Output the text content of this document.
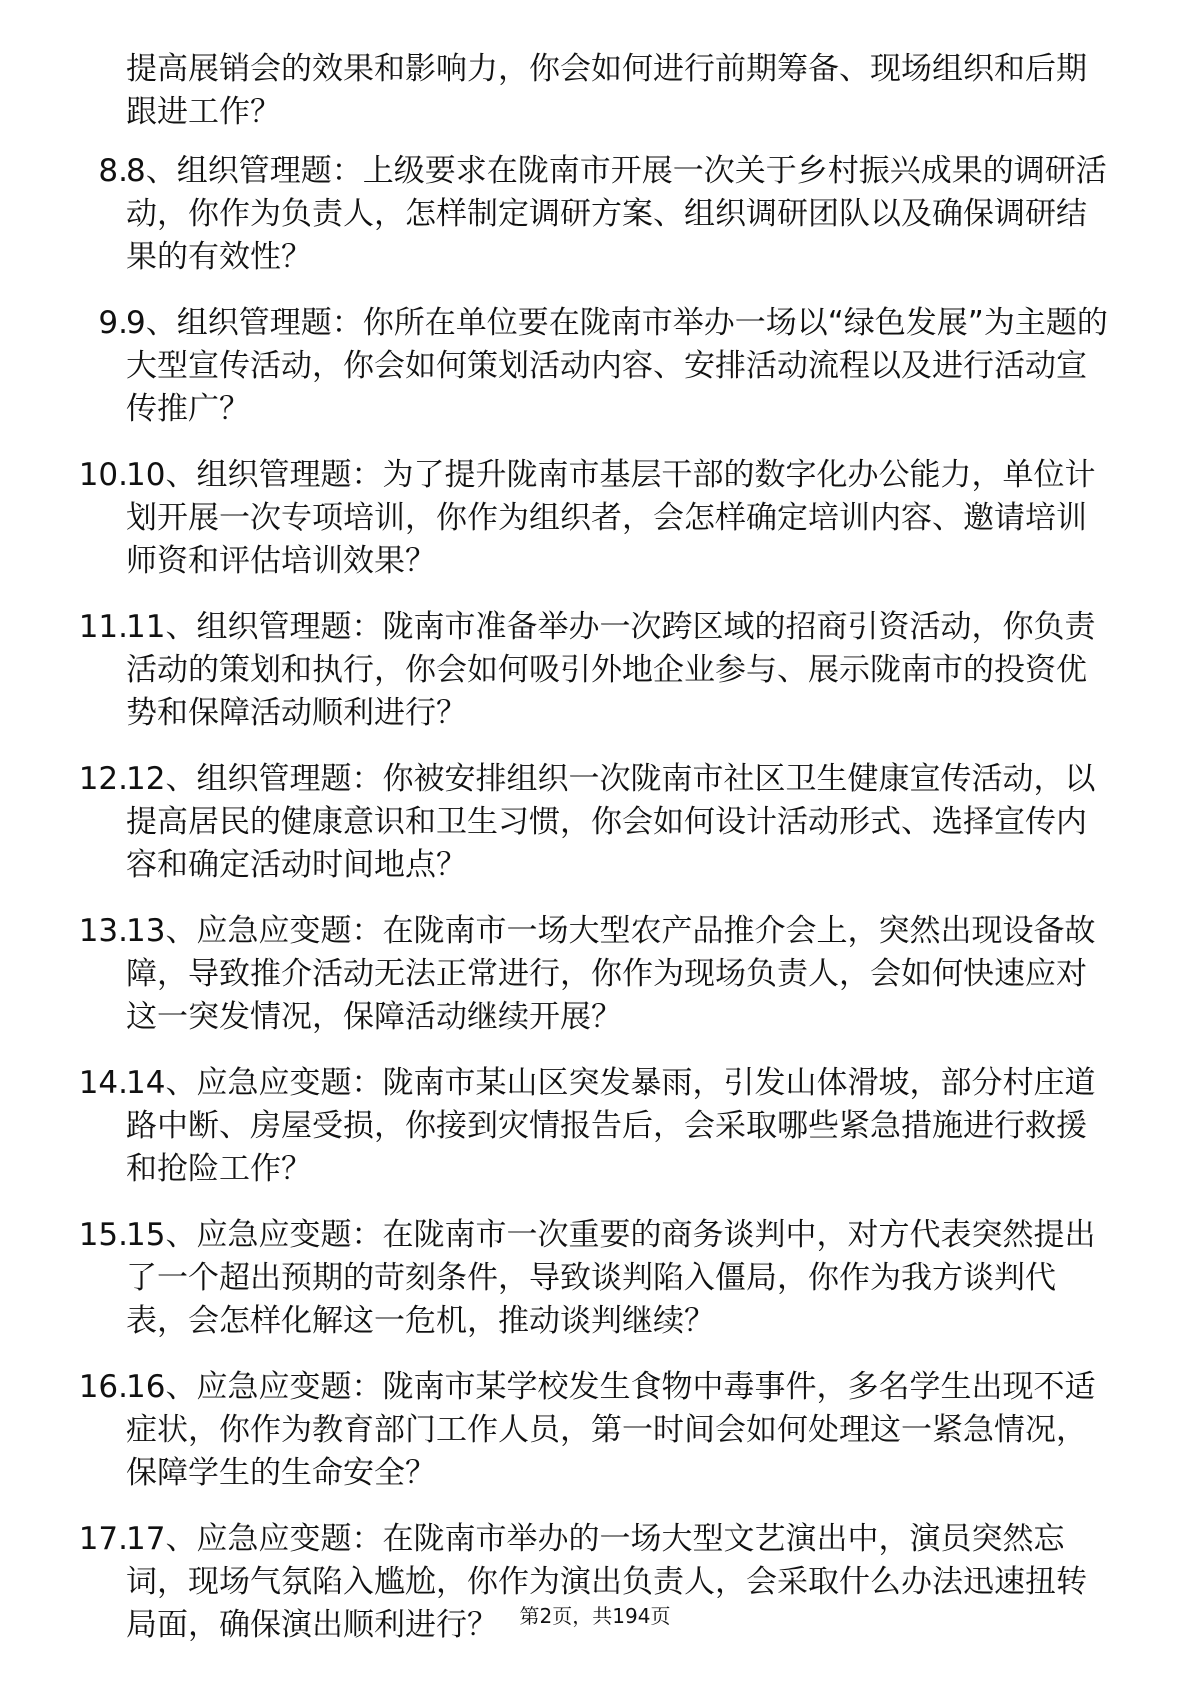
提高展销会的效果和影响力，你会如何进行前期筹备、现场组织和后期跟进工作？

8.
8、组织管理题：上级要求在陇南市开展一次关于乡村振兴成果的调研活动，你作为负责人，怎样制定调研方案、组织调研团队以及确保调研结果的有效性？
9.
9、组织管理题：你所在单位要在陇南市举办一场以“绿色发展”为主题的大型宣传活动，你会如何策划活动内容、安排活动流程以及进行活动宣传推广？
10.
10、组织管理题：为了提升陇南市基层干部的数字化办公能力，单位计划开展一次专项培训，你作为组织者，会怎样确定培训内容、邀请培训师资和评估培训效果？
11.
11、组织管理题：陇南市准备举办一次跨区域的招商引资活动，你负责活动的策划和执行，你会如何吸引外地企业参与、展示陇南市的投资优势和保障活动顺利进行？
12.
12、组织管理题：你被安排组织一次陇南市社区卫生健康宣传活动，以提高居民的健康意识和卫生习惯，你会如何设计活动形式、选择宣传内容和确定活动时间地点？
13.
13、应急应变题：在陇南市一场大型农产品推介会上，突然出现设备故障，导致推介活动无法正常进行，你作为现场负责人，会如何快速应对这一突发情况，保障活动继续开展？
14.
14、应急应变题：陇南市某山区突发暴雨，引发山体滑坡，部分村庄道路中断、房屋受损，你接到灾情报告后，会采取哪些紧急措施进行救援和抢险工作？
15.
15、应急应变题：在陇南市一次重要的商务谈判中，对方代表突然提出了一个超出预期的苛刻条件，导致谈判陷入僵局，你作为我方谈判代表，会怎样化解这一危机，推动谈判继续？
16.
16、应急应变题：陇南市某学校发生食物中毒事件，多名学生出现不适症状，你作为教育部门工作人员，第一时间会如何处理这一紧急情况，保障学生的生命安全？
17.
17、应急应变题：在陇南市举办的一场大型文艺演出中，演员突然忘词，现场气氛陷入尴尬，你作为演出负责人，会采取什么办法迅速扭转局面，确保演出顺利进行？	第2页，共194页
